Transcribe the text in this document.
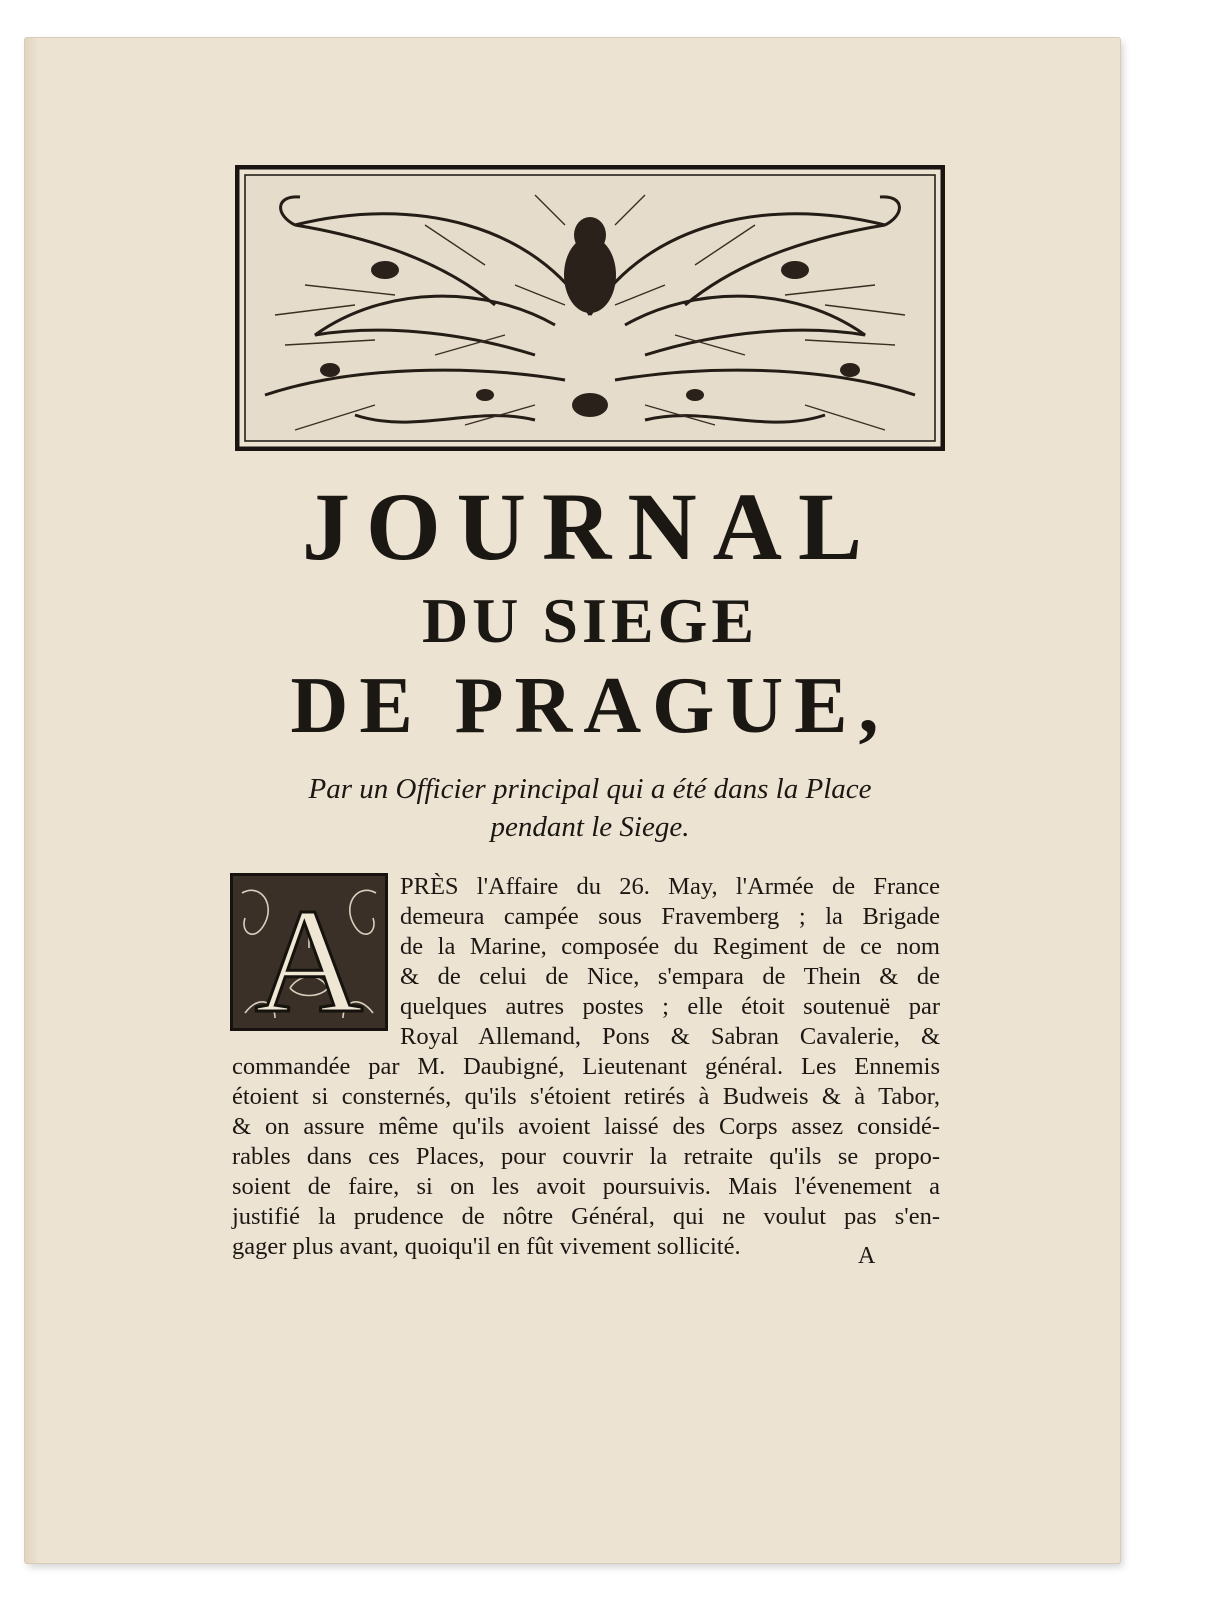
JOURNAL
DU SIEGE
DE PRAGUE,
Par un Officier principal qui a été dans la Place
pendant le Siege.
A PRÈS l'Affaire du 26. May, l'Armée de France
demeura campée sous Fravemberg ; la Brigade
de la Marine, composée du Regiment de ce nom
& de celui de Nice, s'empara de Thein & de
quelques autres postes ; elle étoit soutenuë par
Royal Allemand, Pons & Sabran Cavalerie, &
commandée par M. Daubigné, Lieutenant général. Les Ennemis
étoient si consternés, qu'ils s'étoient retirés à Budweis & à Tabor,
& on assure même qu'ils avoient laissé des Corps assez considé-
rables dans ces Places, pour couvrir la retraite qu'ils se propo-
soient de faire, si on les avoit poursuivis. Mais l'évenement a
justifié la prudence de nôtre Général, qui ne voulut pas s'en-
gager plus avant, quoiqu'il en fût vivement sollicité.	A
